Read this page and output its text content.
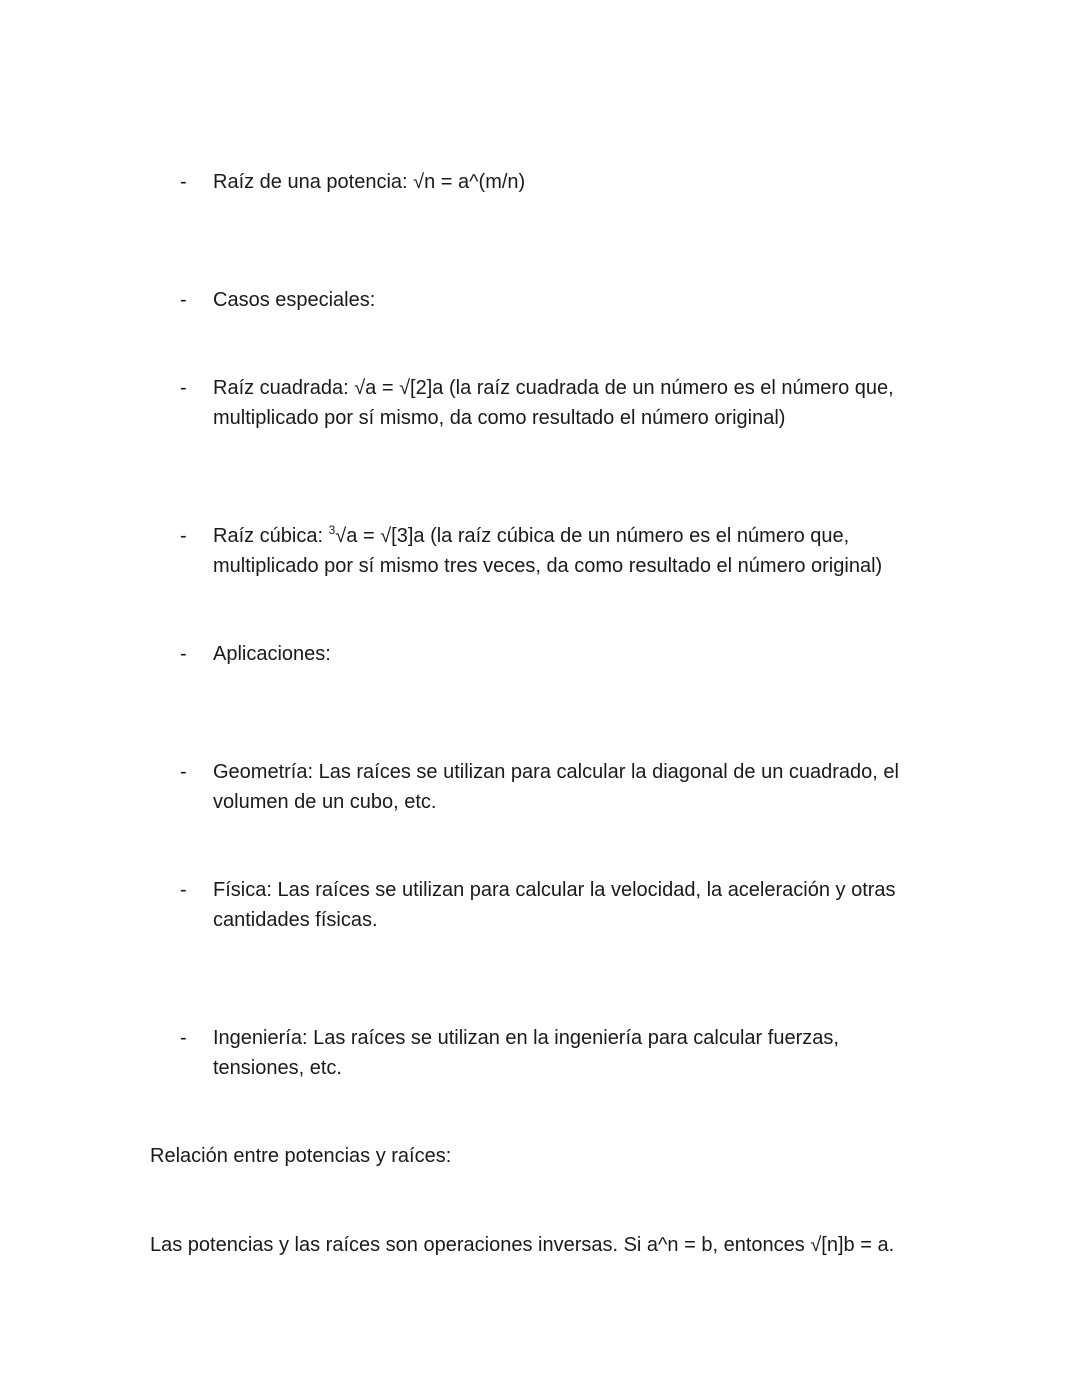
-	Raíz de una potencia: √n = a^(m/n)
-	Casos especiales:
-	Raíz cuadrada: √a = √[2]a (la raíz cuadrada de un número es el número que, multiplicado por sí mismo, da como resultado el número original)
-	Raíz cúbica: $^3$√a = √[3]a (la raíz cúbica de un número es el número que, multiplicado por sí mismo tres veces, da como resultado el número original)
-	Aplicaciones:
-	Geometría: Las raíces se utilizan para calcular la diagonal de un cuadrado, el volumen de un cubo, etc.
-	Física: Las raíces se utilizan para calcular la velocidad, la aceleración y otras cantidades físicas.
-	Ingeniería: Las raíces se utilizan en la ingeniería para calcular fuerzas, tensiones, etc.
Relación entre potencias y raíces:
Las potencias y las raíces son operaciones inversas. Si a^n = b, entonces √[n]b = a.
